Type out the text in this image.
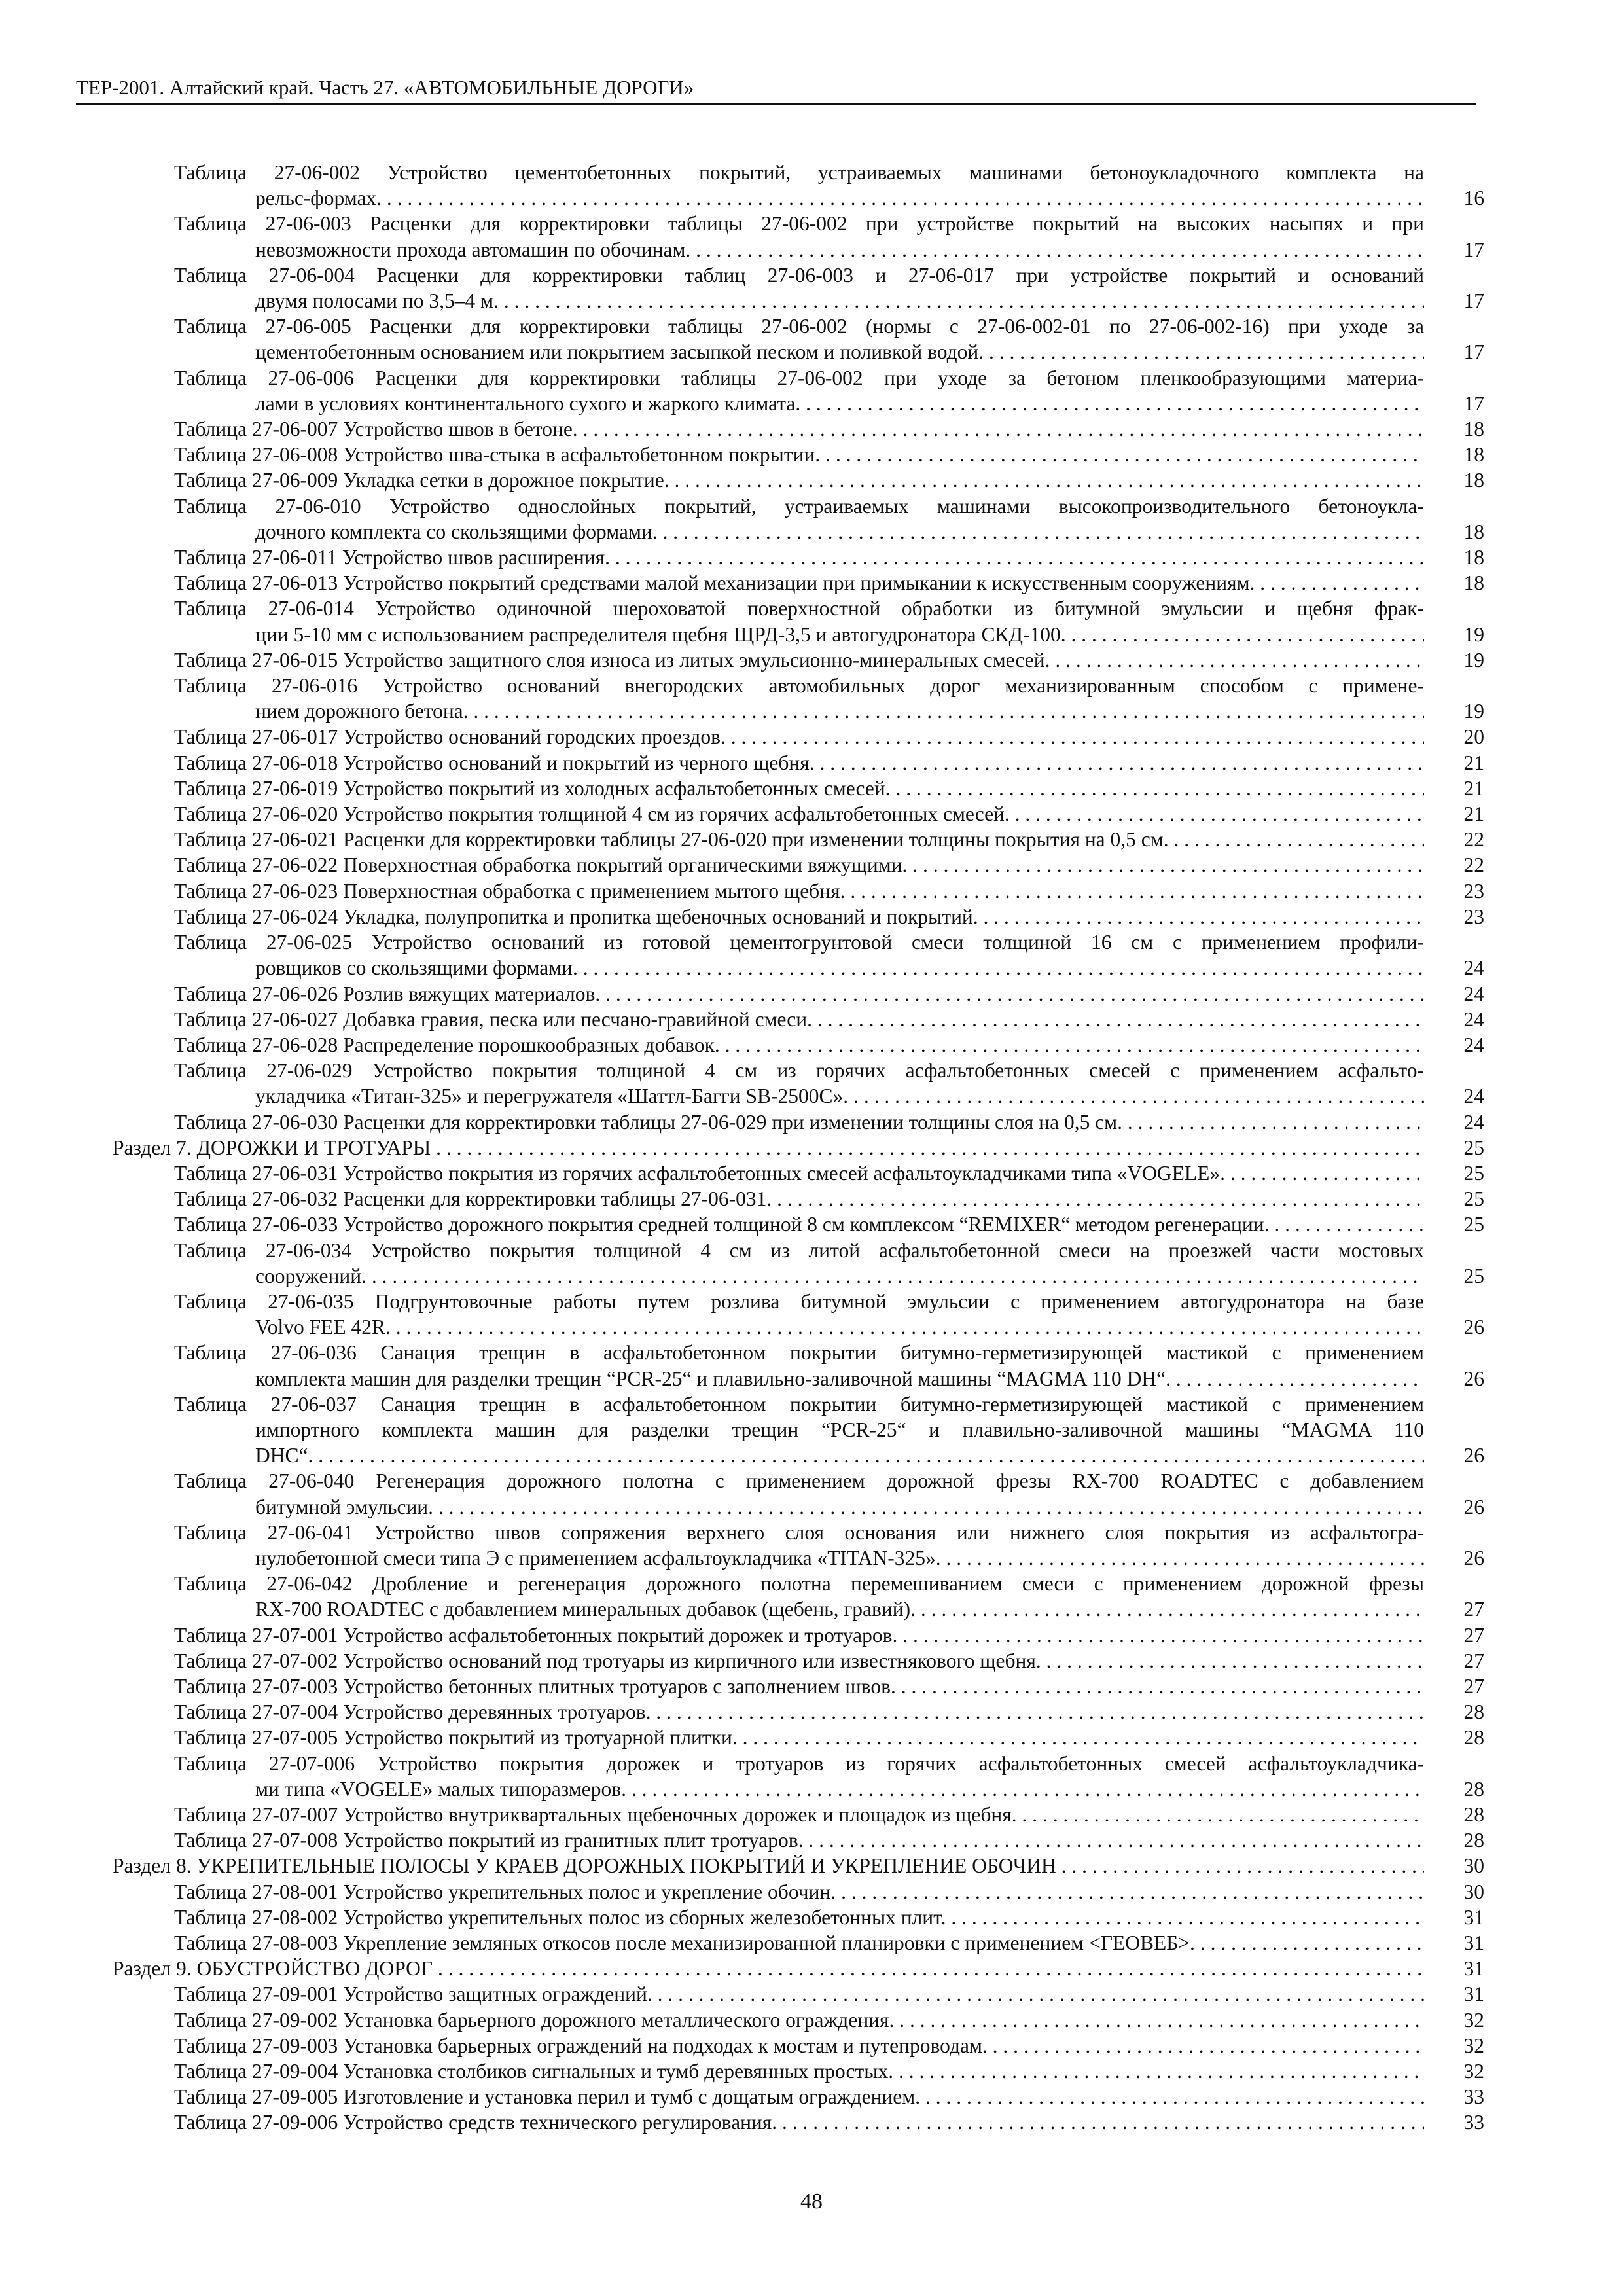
ТЕР-2001. Алтайский край. Часть 27. «АВТОМОБИЛЬНЫЕ ДОРОГИ»
Таблица 27-06-002 Устройство цементобетонных покрытий, устраиваемых машинами бетоноукладочного комплекта на
рельс-формах. . . .	16
Таблица 27-06-003 Расценки для корректировки таблицы 27-06-002 при устройстве покрытий на высоких насыпях и при
невозможности прохода автомашин по обочинам. . . .	17
Таблица 27-06-004 Расценки для корректировки таблиц 27-06-003 и 27-06-017 при устройстве покрытий и оснований
двумя полосами по 3,5–4 м. . . .	17
Таблица 27-06-005 Расценки для корректировки таблицы 27-06-002 (нормы с 27-06-002-01 по 27-06-002-16) при уходе за
цементобетонным основанием или покрытием засыпкой песком и поливкой водой. . . .	17
Таблица 27-06-006 Расценки для корректировки таблицы 27-06-002 при уходе за бетоном пленкообразующими материа-
лами в условиях континентального сухого и жаркого климата. . . .	17
Таблица 27-06-007 Устройство швов в бетоне. . . .	18
Таблица 27-06-008 Устройство шва-стыка в асфальтобетонном покрытии. . . .	18
Таблица 27-06-009 Укладка сетки в дорожное покрытие. . . .	18
Таблица 27-06-010 Устройство однослойных покрытий, устраиваемых машинами высокопроизводительного бетоноукла-
дочного комплекта со скользящими формами. . . .	18
Таблица 27-06-011 Устройство швов расширения. . . .	18
Таблица 27-06-013 Устройство покрытий средствами малой механизации при примыкании к искусственным сооружениям. . . .	18
Таблица 27-06-014 Устройство одиночной шероховатой поверхностной обработки из битумной эмульсии и щебня фрак-
ции 5-10 мм с использованием распределителя щебня ЩРД-3,5 и автогудронатора СКД-100. . . .	19
Таблица 27-06-015 Устройство защитного слоя износа из литых эмульсионно-минеральных смесей. . . .	19
Таблица 27-06-016 Устройство оснований внегородских автомобильных дорог механизированным способом с примене-
нием дорожного бетона. . . .	19
Таблица 27-06-017 Устройство оснований городских проездов. . . .	20
Таблица 27-06-018 Устройство оснований и покрытий из черного щебня. . . .	21
Таблица 27-06-019 Устройство покрытий из холодных асфальтобетонных смесей. . . .	21
Таблица 27-06-020 Устройство покрытия толщиной 4 см из горячих асфальтобетонных смесей. . . .	21
Таблица 27-06-021 Расценки для корректировки таблицы 27-06-020 при изменении толщины покрытия на 0,5 см. . . .	22
Таблица 27-06-022 Поверхностная обработка покрытий органическими вяжущими. . . .	22
Таблица 27-06-023 Поверхностная обработка с применением мытого щебня. . . .	23
Таблица 27-06-024 Укладка, полупропитка и пропитка щебеночных оснований и покрытий. . . .	23
Таблица 27-06-025 Устройство оснований из готовой цементогрунтовой смеси толщиной 16 см с применением профили-
ровщиков со скользящими формами. . . .	24
Таблица 27-06-026 Розлив вяжущих материалов. . . .	24
Таблица 27-06-027 Добавка гравия, песка или песчано-гравийной смеси. . . .	24
Таблица 27-06-028 Распределение порошкообразных добавок. . . .	24
Таблица 27-06-029 Устройство покрытия толщиной 4 см из горячих асфальтобетонных смесей с применением асфальто-
укладчика «Титан-325» и перегружателя «Шаттл-Багги SB-2500С». . . .	24
Таблица 27-06-030 Расценки для корректировки таблицы 27-06-029 при изменении толщины слоя на 0,5 см. . . .	24
Раздел 7. ДОРОЖКИ И ТРОТУАРЫ . . .	25
Таблица 27-06-031 Устройство покрытия из горячих асфальтобетонных смесей асфальтоукладчиками типа «VOGELE». . . .	25
Таблица 27-06-032 Расценки для корректировки таблицы 27-06-031. . . .	25
Таблица 27-06-033 Устройство дорожного покрытия средней толщиной 8 см комплексом “REMIXER“ методом регенерации. . . .	25
Таблица 27-06-034 Устройство покрытия толщиной 4 см из литой асфальтобетонной смеси на проезжей части мостовых
сооружений. . . .	25
Таблица 27-06-035 Подгрунтовочные работы путем розлива битумной эмульсии с применением автогудронатора на базе
Volvo FEE 42R. . . .	26
Таблица 27-06-036 Санация трещин в асфальтобетонном покрытии битумно-герметизирующей мастикой с применением
комплекта машин для разделки трещин “PCR-25“ и плавильно-заливочной машины “MAGMA 110 DH“. . . .	26
Таблица 27-06-037 Санация трещин в асфальтобетонном покрытии битумно-герметизирующей мастикой с применением
импортного комплекта машин для разделки трещин “PCR-25“ и плавильно-заливочной машины “MAGMA 110
DHC“. . . .	26
Таблица 27-06-040 Регенерация дорожного полотна с применением дорожной фрезы RX-700 ROADTEC с добавлением
битумной эмульсии. . . .	26
Таблица 27-06-041 Устройство швов сопряжения верхнего слоя основания или нижнего слоя покрытия из асфальтогра-
нулобетонной смеси типа Э с применением асфальтоукладчика «TITAN-325». . . .	26
Таблица 27-06-042 Дробление и регенерация дорожного полотна перемешиванием смеси с применением дорожной фрезы
RX-700 ROADTEC с добавлением минеральных добавок (щебень, гравий). . . .	27
Таблица 27-07-001 Устройство асфальтобетонных покрытий дорожек и тротуаров. . . .	27
Таблица 27-07-002 Устройство оснований под тротуары из кирпичного или известнякового щебня. . . .	27
Таблица 27-07-003 Устройство бетонных плитных тротуаров с заполнением швов. . . .	27
Таблица 27-07-004 Устройство деревянных тротуаров. . . .	28
Таблица 27-07-005 Устройство покрытий из тротуарной плитки. . . .	28
Таблица 27-07-006 Устройство покрытия дорожек и тротуаров из горячих асфальтобетонных смесей асфальтоукладчика-
ми типа «VOGELE» малых типоразмеров. . . .	28
Таблица 27-07-007 Устройство внутриквартальных щебеночных дорожек и площадок из щебня. . . .	28
Таблица 27-07-008 Устройство покрытий из гранитных плит тротуаров. . . .	28
Раздел 8. УКРЕПИТЕЛЬНЫЕ ПОЛОСЫ У КРАЕВ ДОРОЖНЫХ ПОКРЫТИЙ И УКРЕПЛЕНИЕ ОБОЧИН . . .	30
Таблица 27-08-001 Устройство укрепительных полос и укрепление обочин. . . .	30
Таблица 27-08-002 Устройство укрепительных полос из сборных железобетонных плит. . . .	31
Таблица 27-08-003 Укрепление земляных откосов после механизированной планировки с применением <ГЕОВЕБ>. . . .	31
Раздел 9. ОБУСТРОЙСТВО ДОРОГ . . .	31
Таблица 27-09-001 Устройство защитных ограждений. . . .	31
Таблица 27-09-002 Установка барьерного дорожного металлического ограждения. . . .	32
Таблица 27-09-003 Установка барьерных ограждений на подходах к мостам и путепроводам. . . .	32
Таблица 27-09-004 Установка столбиков сигнальных и тумб деревянных простых. . . .	32
Таблица 27-09-005 Изготовление и установка перил и тумб с дощатым ограждением. . . .	33
Таблица 27-09-006 Устройство средств технического регулирования. . . .	33
48
